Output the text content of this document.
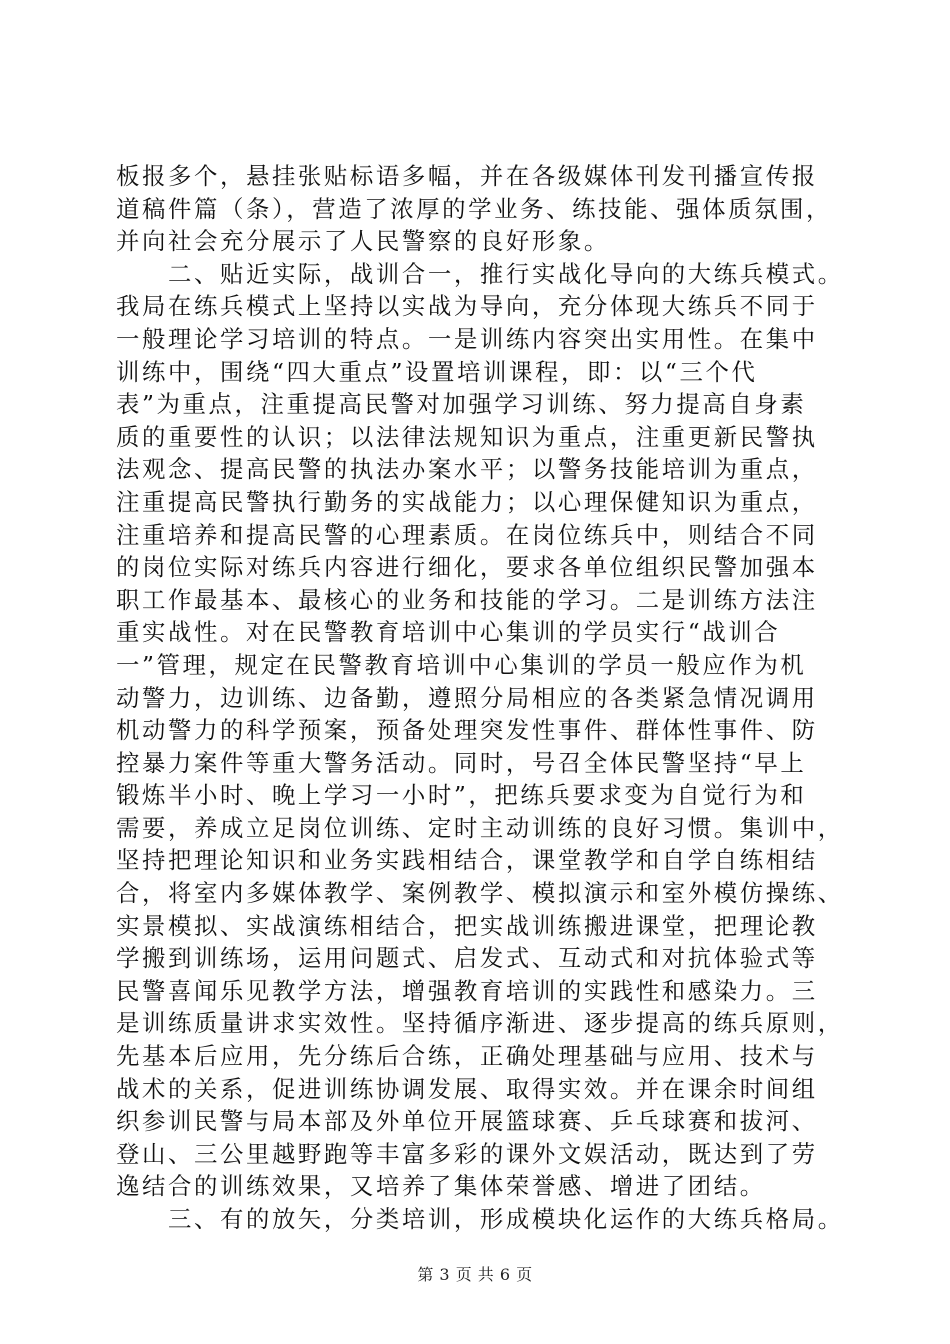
板报多个，悬挂张贴标语多幅，并在各级媒体刊发刊播宣传报
道稿件篇（条），营造了浓厚的学业务、练技能、强体质氛围，
并向社会充分展示了人民警察的良好形象。
　　二、贴近实际，战训合一，推行实战化导向的大练兵模式。
我局在练兵模式上坚持以实战为导向，充分体现大练兵不同于
一般理论学习培训的特点。一是训练内容突出实用性。在集中
训练中，围绕“四大重点”设置培训课程，即：以“三个代
表”为重点，注重提高民警对加强学习训练、努力提高自身素
质的重要性的认识；以法律法规知识为重点，注重更新民警执
法观念、提高民警的执法办案水平；以警务技能培训为重点，
注重提高民警执行勤务的实战能力；以心理保健知识为重点，
注重培养和提高民警的心理素质。在岗位练兵中，则结合不同
的岗位实际对练兵内容进行细化，要求各单位组织民警加强本
职工作最基本、最核心的业务和技能的学习。二是训练方法注
重实战性。对在民警教育培训中心集训的学员实行“战训合
一”管理，规定在民警教育培训中心集训的学员一般应作为机
动警力，边训练、边备勤，遵照分局相应的各类紧急情况调用
机动警力的科学预案，预备处理突发性事件、群体性事件、防
控暴力案件等重大警务活动。同时，号召全体民警坚持“早上
锻炼半小时、晚上学习一小时”，把练兵要求变为自觉行为和
需要，养成立足岗位训练、定时主动训练的良好习惯。集训中，
坚持把理论知识和业务实践相结合，课堂教学和自学自练相结
合，将室内多媒体教学、案例教学、模拟演示和室外模仿操练、
实景模拟、实战演练相结合，把实战训练搬进课堂，把理论教
学搬到训练场，运用问题式、启发式、互动式和对抗体验式等
民警喜闻乐见教学方法，增强教育培训的实践性和感染力。三
是训练质量讲求实效性。坚持循序渐进、逐步提高的练兵原则，
先基本后应用，先分练后合练，正确处理基础与应用、技术与
战术的关系，促进训练协调发展、取得实效。并在课余时间组
织参训民警与局本部及外单位开展篮球赛、乒乓球赛和拔河、
登山、三公里越野跑等丰富多彩的课外文娱活动，既达到了劳
逸结合的训练效果，又培养了集体荣誉感、增进了团结。
　　三、有的放矢，分类培训，形成模块化运作的大练兵格局。
第 3 页 共 6 页
